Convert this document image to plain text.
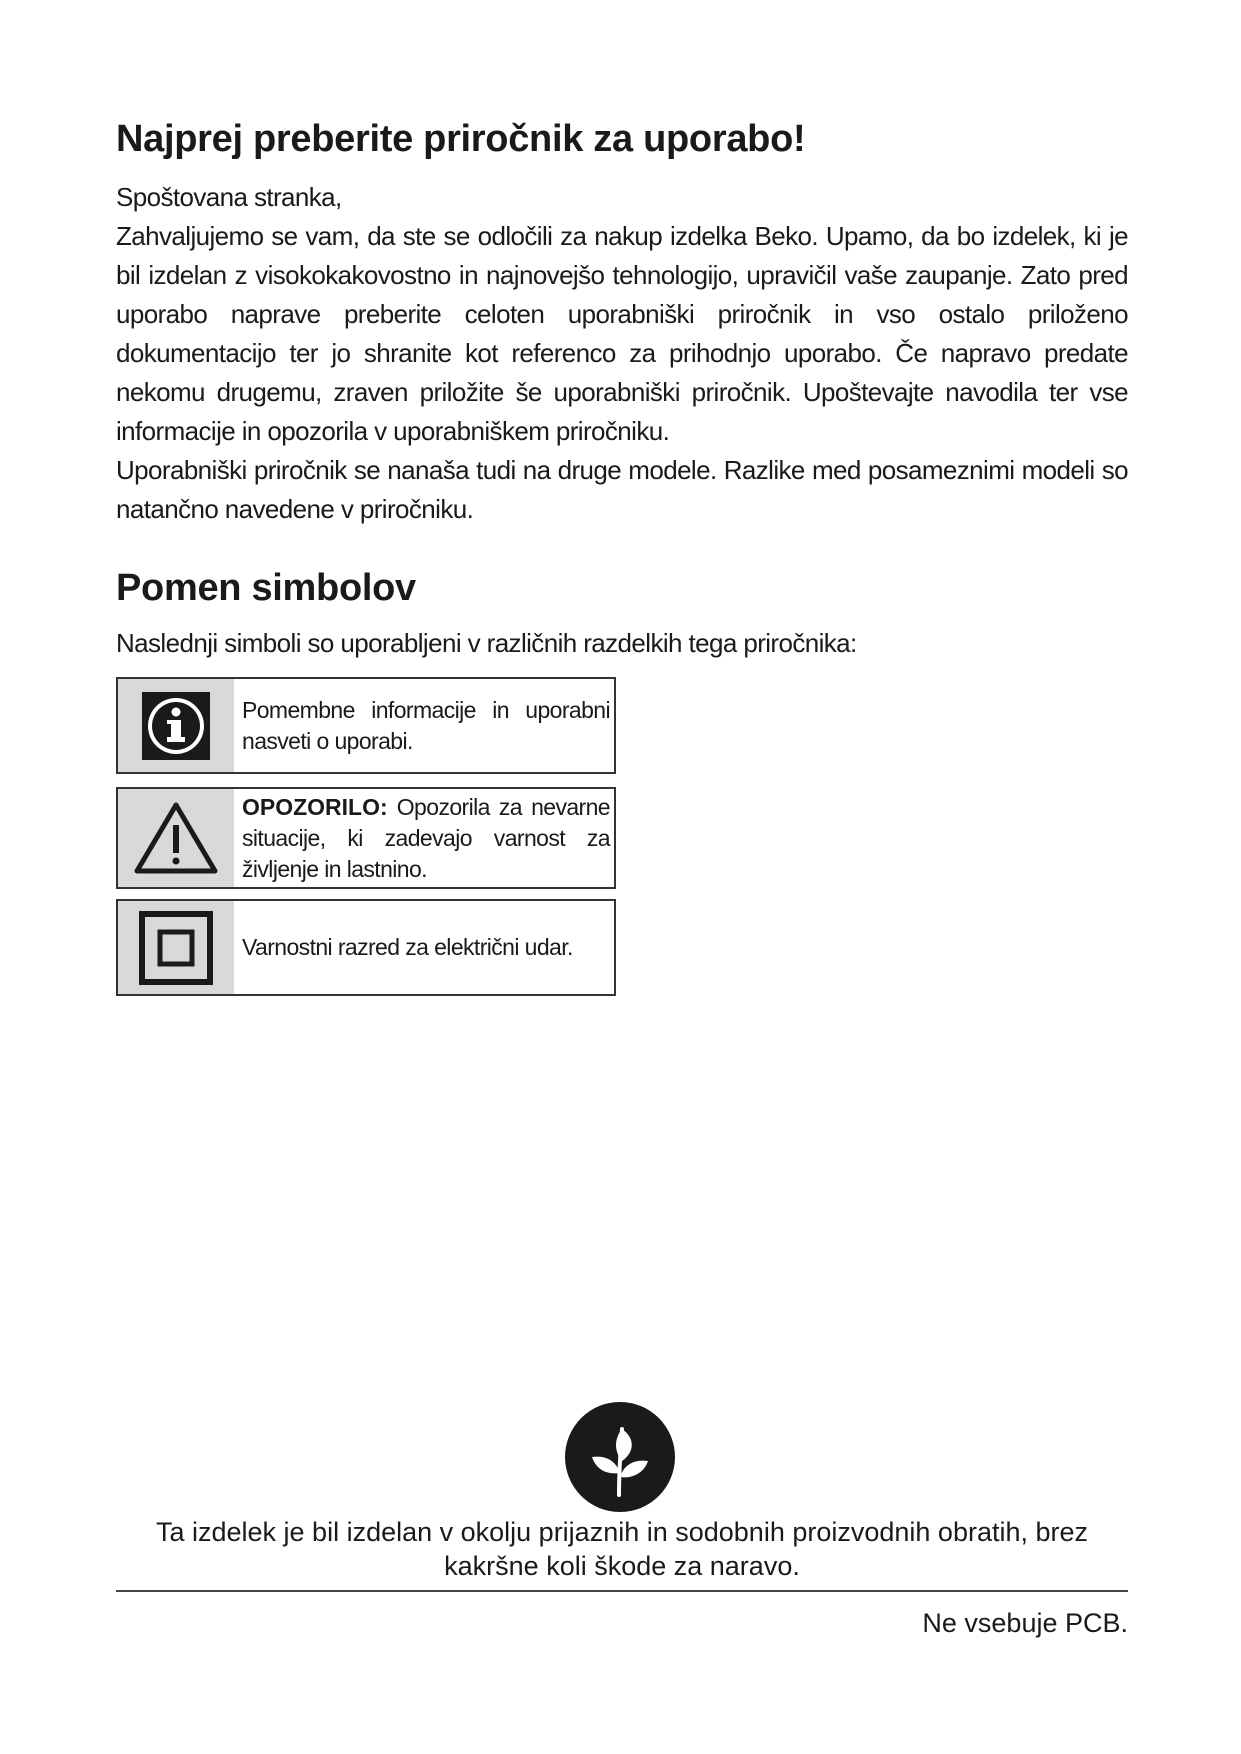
Najprej preberite priročnik za uporabo!

Spoštovana stranka,

Zahvaljujemo se vam, da ste se odločili za nakup izdelka Beko. Upamo, da bo izdelek, ki je bil izdelan z visokokakovostno in najnovejšo tehnologijo, upravičil vaše zaupanje. Zato pred uporabo naprave preberite celoten uporabniški priročnik in vso ostalo priloženo dokumentacijo ter jo shranite kot referenco za prihodnjo uporabo. Če napravo predate nekomu drugemu, zraven priložite še uporabniški priročnik. Upoštevajte navodila ter vse informacije in opozorila v uporabniškem priročniku.

Uporabniški priročnik se nanaša tudi na druge modele. Razlike med posameznimi modeli so natančno navedene v priročniku.

Pomen simbolov

Naslednji simboli so uporabljeni v različnih razdelkih tega priročnika:

Pomembne informacije in uporabni nasveti o uporabi.
OPOZORILO: Opozorila za nevarne situacije, ki zadevajo varnost za življenje in lastnino.
Varnostni razred za električni udar.
Ta izdelek je bil izdelan v okolju prijaznih in sodobnih proizvodnih obratih, brez kakršne koli škode za naravo.
Ne vsebuje PCB.
